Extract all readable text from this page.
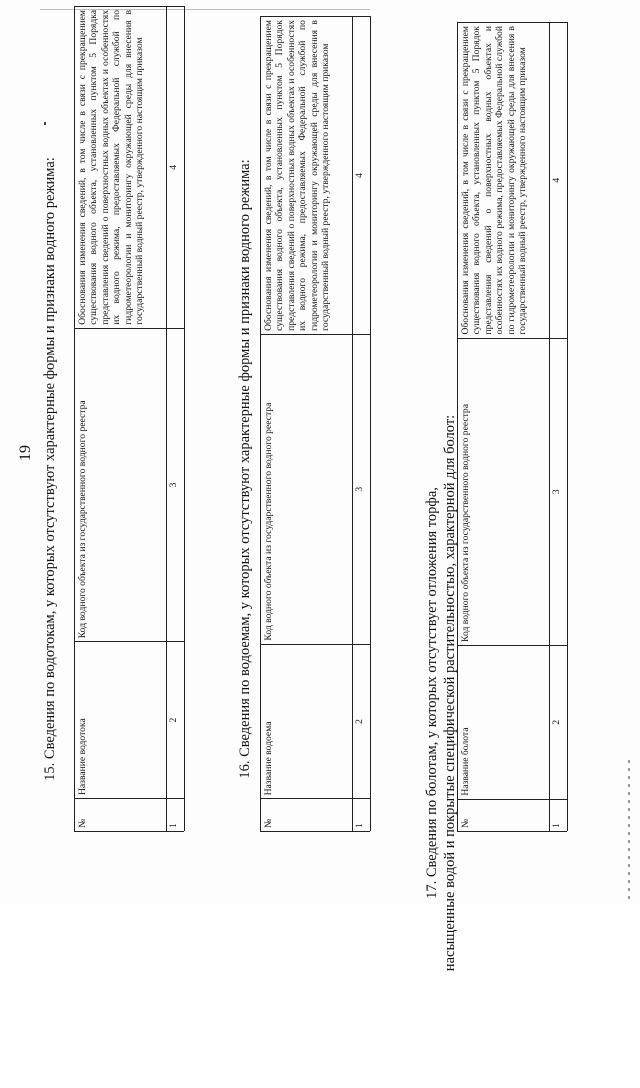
19 15. Сведения по водотокам, у которых отсутствуют характерные формы и признаки водного режима:
№
Название водотока
Код водного объекта из государственного водного реестра
Обоснования изменения сведений, в том числе в связи с прекращением существования водного объекта, установленных пунктом 5 Порядка представления сведений о поверхностных водных объектах и особенностях их водного режима, предоставляемых Федеральной службой по гидрометеорологии и мониторингу окружающей среды для внесения в государственный водный реестр, утвержденного настоящим приказом
1
2
3
4	16. Сведения по водоемам, у которых отсутствуют характерные формы и признаки водного режима:
№
Название водоема
Код водного объекта из государственного водного реестра
Обоснования изменения сведений, в том числе в связи с прекращением существования водного объекта, установленных пунктом 5 Порядок представления сведений о поверхностных водных объектах и особенностях их водного режима, предоставляемых Федеральной службой по гидрометеорологии и мониторингу окружающей среды для внесения в государственный водный реестр, утвержденного настоящим приказом
1
2
3
4
17. Сведения по болотам, у которых отсутствует отложения торфа, насыщенные водой и покрытые специфической растительностью, характерной для болот: №
Название болота
Код водного объекта из государственного водного реестра
Обоснования изменения сведений, в том числе в связи с прекращением существования водного объекта, установленных пунктом 5 Порядок представления сведений о поверхностных водных объектах и особенностях их водного режима, предоставляемых Федеральной службой по гидрометеорологии и мониторингу окружающей среды для внесения в государственный водный реестр, утвержденного настоящим приказом
1
2
3
4
